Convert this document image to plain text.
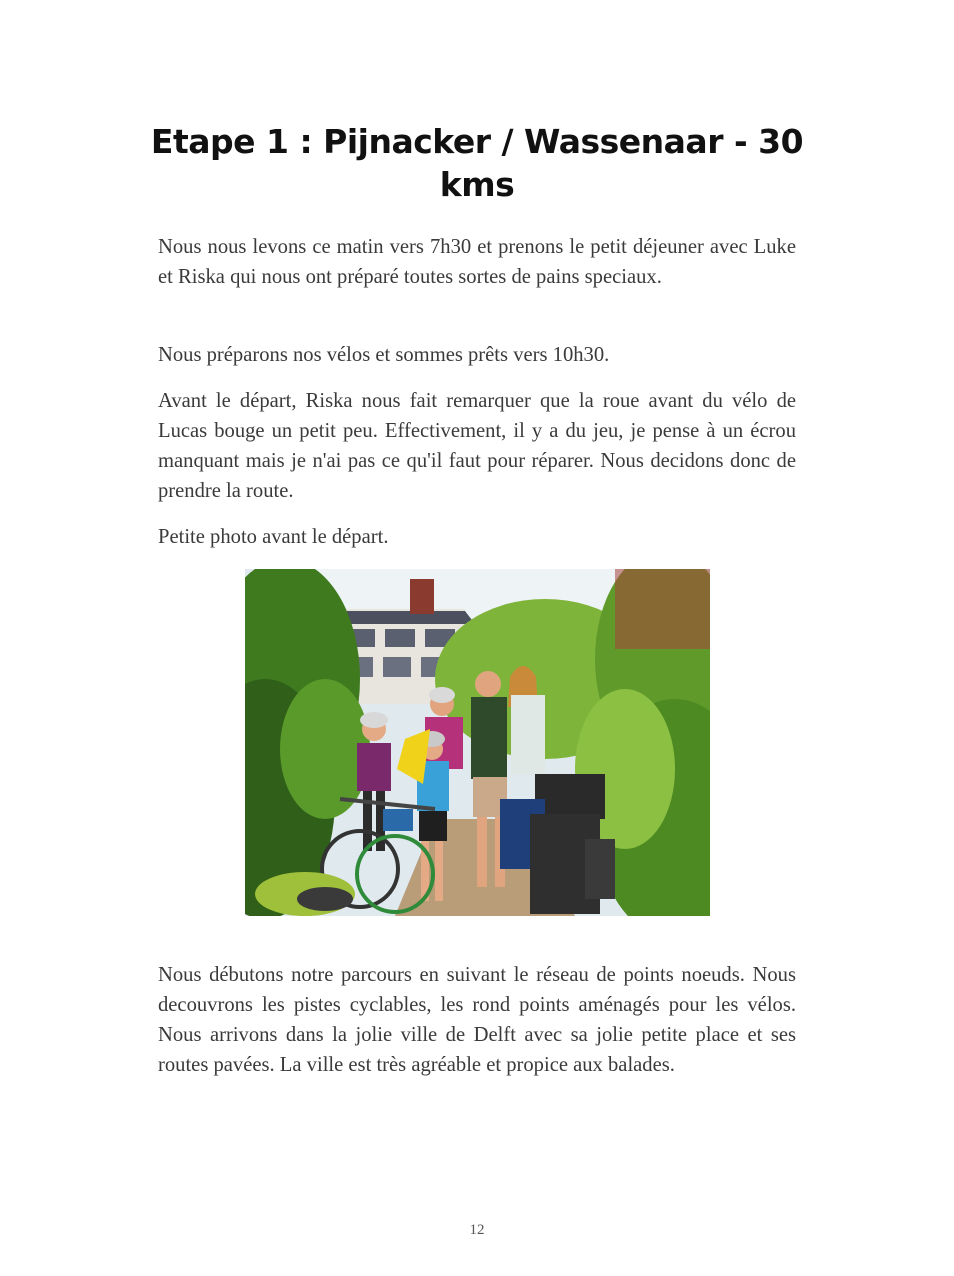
Etape 1 : Pijnacker / Wassenaar - 30 kms

Nous nous levons ce matin vers 7h30 et prenons le petit déjeuner avec Luke et Riska qui nous ont préparé toutes sortes de pains speciaux.

Nous préparons nos vélos et sommes prêts vers 10h30.

Avant le départ, Riska nous fait remarquer que la roue avant du vélo de Lucas bouge un petit peu. Effectivement, il y a du jeu, je pense à un écrou manquant mais je n'ai pas ce qu'il faut pour réparer. Nous decidons donc de prendre la route.

Petite photo avant le départ.

Nous débutons notre parcours en suivant le réseau de points noeuds. Nous decouvrons les pistes cyclables, les rond points aménagés pour les vélos. Nous arrivons dans la jolie ville de Delft avec sa jolie petite place et ses routes pavées. La ville est très agréable et propice aux balades.

12
